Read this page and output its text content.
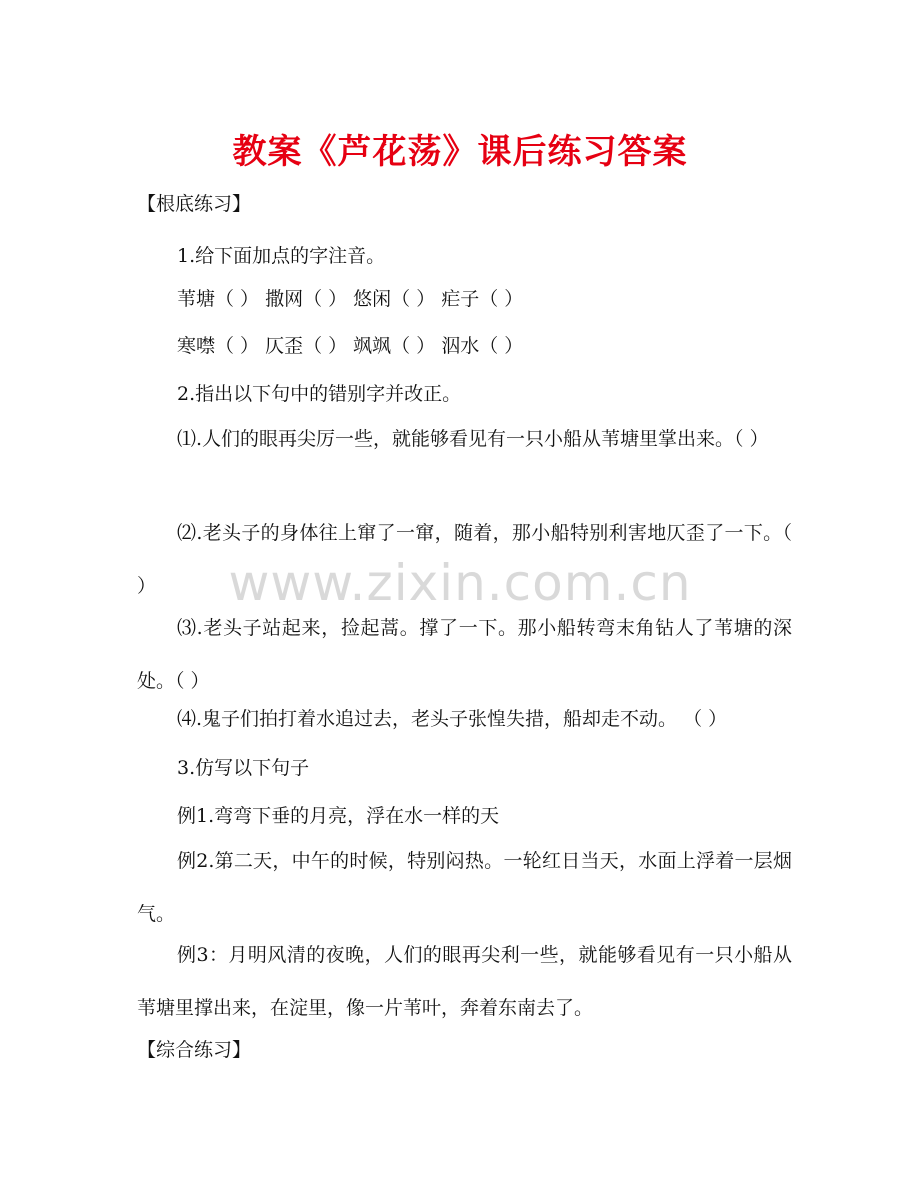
教案《芦花荡》课后练习答案
【根底练习】
1.给下面加点的字注音。
苇塘（ ） 撒网（ ） 悠闲（ ） 疟子（ ）
寒噤（ ） 仄歪（ ） 飒飒（ ） 泅水（ ）
2.指出以下句中的错别字并改正。
⑴.人们的眼再尖厉一些，就能够看见有一只小船从苇塘里掌出来。（ ）
⑵.老头子的身体往上窜了一窜，随着，那小船特别利害地仄歪了一下。（ ）
⑶.老头子站起来，捡起蒿。撑了一下。那小船转弯末角钻人了苇塘的深处。（ ）
⑷.鬼子们拍打着水追过去，老头子张惶失措，船却走不动。 （ ）
3.仿写以下句子
例1.弯弯下垂的月亮，浮在水一样的天
例2.第二天，中午的时候，特别闷热。一轮红日当天，水面上浮着一层烟气。
例3：月明风清的夜晚，人们的眼再尖利一些，就能够看见有一只小船从苇塘里撑出来，在淀里，像一片苇叶，奔着东南去了。
【综合练习】
www.zixin.com.cn
